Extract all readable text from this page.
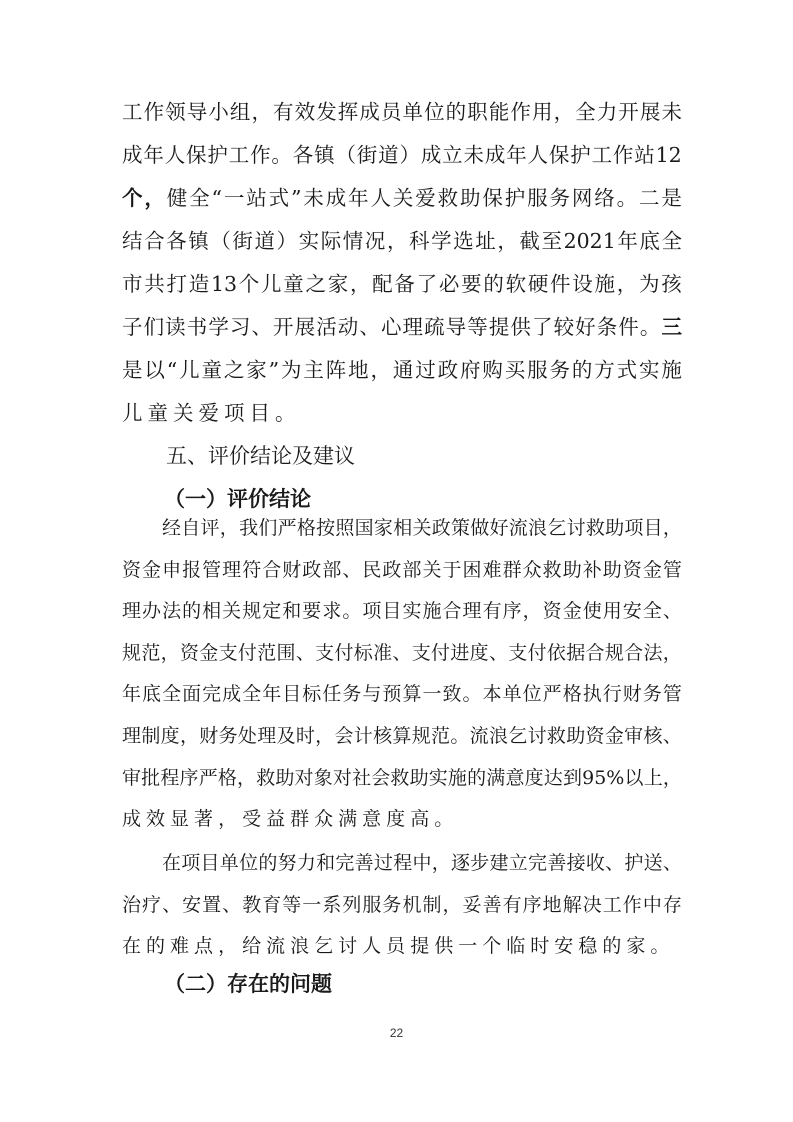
工 作 领 导 小 组 ， 有 效 发 挥 成 员 单 位 的 职 能 作 用 ， 全 力 开 展 未
成 年 人 保 护 工 作 。 各 镇 （ 街 道 ） 成 立 未 成 年 人 保 护 工 作 站 12
个 ， 健 全 “ 一 站 式 ” 未 成 年 人 关 爱 救 助 保 护 服 务 网 络 。 二 是
结 合 各 镇 （ 街 道 ） 实 际 情 况 ， 科 学 选 址 ， 截 至 2021 年 底 全
市 共 打 造 13 个 儿 童 之 家 ， 配 备 了 必 要 的 软 硬 件 设 施 ， 为 孩
子 们 读 书 学 习 、 开 展 活 动 、 心 理 疏 导 等 提 供 了 较 好 条 件 。 三
是 以 “ 儿 童 之 家 ” 为 主 阵 地 ， 通 过 政 府 购 买 服 务 的 方 式 实 施
儿 童 关 爱 项 目 。
五、评价结论及建议
（一）评价结论
经 自 评 ， 我 们 严 格 按 照 国 家 相 关 政 策 做 好 流 浪 乞 讨 救 助 项 目 ，
资 金 申 报 管 理 符 合 财 政 部 、 民 政 部 关 于 困 难 群 众 救 助 补 助 资 金 管
理 办 法 的 相 关 规 定 和 要 求 。 项 目 实 施 合 理 有 序 ， 资 金 使 用 安 全 、
规 范 ， 资 金 支 付 范 围 、 支 付 标 准 、 支 付 进 度 、 支 付 依 据 合 规 合 法 ，
年 底 全 面 完 成 全 年 目 标 任 务 与 预 算 一 致 。 本 单 位 严 格 执 行 财 务 管
理 制 度 ， 财 务 处 理 及 时 ， 会 计 核 算 规 范 。 流 浪 乞 讨 救 助 资 金 审 核 、
审 批 程 序 严 格 ， 救 助 对 象 对 社 会 救 助 实 施 的 满 意 度 达 到 95% 以 上 ，
成 效 显 著 ， 受 益 群 众 满 意 度 高 。
在 项 目 单 位 的 努 力 和 完 善 过 程 中 ， 逐 步 建 立 完 善 接 收 、 护 送 、
治 疗 、 安 置 、 教 育 等 一 系 列 服 务 机 制 ， 妥 善 有 序 地 解 决 工 作 中 存
在 的 难 点 ， 给 流 浪 乞 讨 人 员 提 供 一 个 临 时 安 稳 的 家 。
（二）存在的问题
22
